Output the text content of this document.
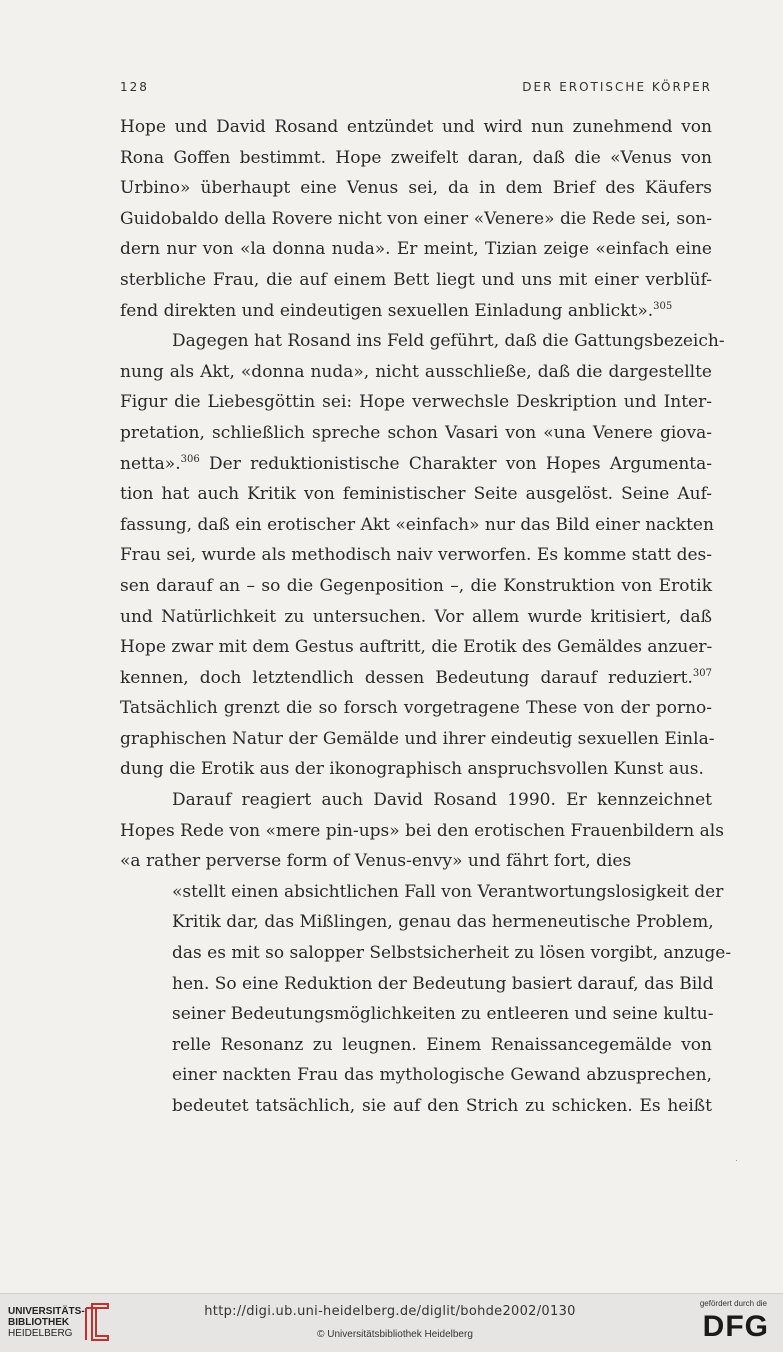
128	DER EROTISCHE KÖRPER
Hope und David Rosand entzündet und wird nun zunehmend von
Rona Goffen bestimmt. Hope zweifelt daran, daß die «Venus von
Urbino» überhaupt eine Venus sei, da in dem Brief des Käufers
Guidobaldo della Rovere nicht von einer «Venere» die Rede sei, son-
dern nur von «la donna nuda». Er meint, Tizian zeige «einfach eine
sterbliche Frau, die auf einem Bett liegt und uns mit einer verblüf-
fend direkten und eindeutigen sexuellen Einladung anblickt».$^{305}$
Dagegen hat Rosand ins Feld geführt, daß die Gattungsbezeich-
nung als Akt, «donna nuda», nicht ausschließe, daß die dargestellte
Figur die Liebesgöttin sei: Hope verwechsle Deskription und Inter-
pretation, schließlich spreche schon Vasari von «una Venere giova-
netta».$^{306}$ Der reduktionistische Charakter von Hopes Argumenta-
tion hat auch Kritik von feministischer Seite ausgelöst. Seine Auf-
fassung, daß ein erotischer Akt «einfach» nur das Bild einer nackten
Frau sei, wurde als methodisch naiv verworfen. Es komme statt des-
sen darauf an – so die Gegenposition –, die Konstruktion von Erotik
und Natürlichkeit zu untersuchen. Vor allem wurde kritisiert, daß
Hope zwar mit dem Gestus auftritt, die Erotik des Gemäldes anzuer-
kennen, doch letztendlich dessen Bedeutung darauf reduziert.$^{307}$
Tatsächlich grenzt die so forsch vorgetragene These von der porno-
graphischen Natur der Gemälde und ihrer eindeutig sexuellen Einla-
dung die Erotik aus der ikonographisch anspruchsvollen Kunst aus.
Darauf reagiert auch David Rosand 1990. Er kennzeichnet
Hopes Rede von «mere pin-ups» bei den erotischen Frauenbildern als
«a rather perverse form of Venus-envy» und fährt fort, dies
«stellt einen absichtlichen Fall von Verantwortungslosigkeit der
Kritik dar, das Mißlingen, genau das hermeneutische Problem,
das es mit so salopper Selbstsicherheit zu lösen vorgibt, anzuge-
hen. So eine Reduktion der Bedeutung basiert darauf, das Bild
seiner Bedeutungsmöglichkeiten zu entleeren und seine kultu-
relle Resonanz zu leugnen. Einem Renaissancegemälde von
einer nackten Frau das mythologische Gewand abzusprechen,
bedeutet tatsächlich, sie auf den Strich zu schicken. Es heißt
UNIVERSITÄTS-
BIBLIOTHEK
HEIDELBERG
http://digi.ub.uni-heidelberg.de/diglit/bohde2002/0130
© Universitätsbibliothek Heidelberg
gefördert durch die
DFG
